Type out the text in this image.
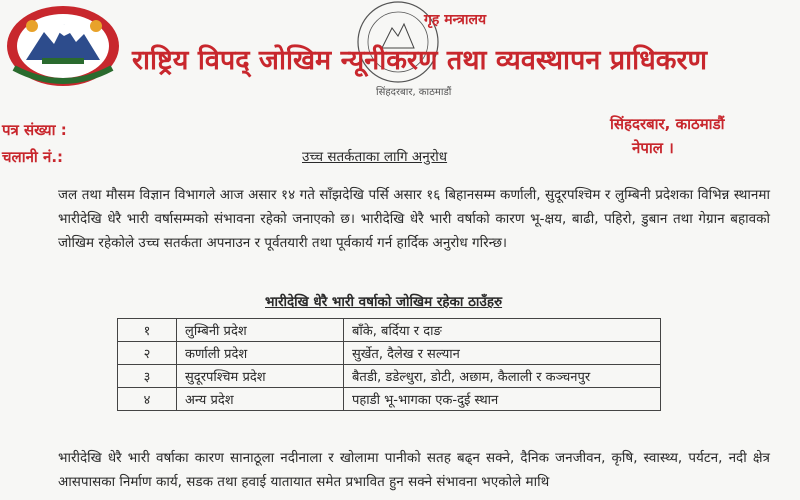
गृह मन्त्रालय
राष्ट्रिय विपद् जोखिम न्यूनीकरण तथा व्यवस्थापन प्राधिकरण
सिंहदरबार, काठमाडौं
पत्र संख्या :
चलानी नं.:
सिंहदरबार, काठमाडौं
नेपाल ।
उच्च सतर्कताका लागि अनुरोध
जल तथा मौसम विज्ञान विभागले आज असार १४ गते साँझदेखि पर्सि असार १६ बिहानसम्म कर्णाली, सुदूरपश्चिम र लुम्बिनी प्रदेशका विभिन्न स्थानमा भारीदेखि धेरै भारी वर्षासम्मको संभावना रहेको जनाएको छ। भारीदेखि धेरै भारी वर्षाको कारण भू-क्षय, बाढी, पहिरो, डुबान तथा गेग्रान बहावको जोखिम रहेकोले उच्च सतर्कता अपनाउन र पूर्वतयारी तथा पूर्वकार्य गर्न हार्दिक अनुरोध गरिन्छ।
भारीदेखि धेरै भारी वर्षाको जोखिम रहेका ठाउँहरु
१	लुम्बिनी प्रदेश	बाँके, बर्दिया र दाङ
२	कर्णाली प्रदेश	सुर्खेत, दैलेख र सल्यान
३	सुदूरपश्चिम प्रदेश	बैतडी, डडेल्धुरा, डोटी, अछाम, कैलाली र कञ्चनपुर
४	अन्य प्रदेश	पहाडी भू-भागका एक-दुई स्थान
भारीदेखि धेरै भारी वर्षाका कारण सानाठूला नदीनाला र खोलामा पानीको सतह बढ्न सक्ने, दैनिक जनजीवन, कृषि, स्वास्थ्य, पर्यटन, नदी क्षेत्र आसपासका निर्माण कार्य, सडक तथा हवाई यातायात समेत प्रभावित हुन सक्ने संभावना भएकोले माथि
